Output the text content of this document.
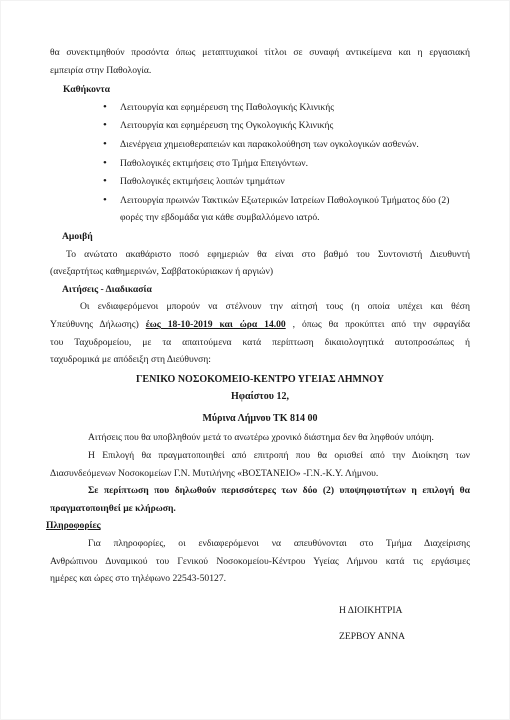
θα συνεκτιμηθούν προσόντα όπως μεταπτυχιακοί τίτλοι σε συναφή αντικείμενα και η εργασιακή

εμπειρία στην Παθολογία.

Καθήκοντα

• Λειτουργία και εφημέρευση της Παθολογικής Κλινικής
• Λειτουργία και εφημέρευση της Ογκολογικής Κλινικής
• Διενέργεια χημειοθεραπειών και παρακολούθηση των ογκολογικών ασθενών.
• Παθολογικές εκτιμήσεις στο Τμήμα Επειγόντων.
• Παθολογικές εκτιμήσεις λοιπών τμημάτων
• Λειτουργία πρωινών Τακτικών Εξωτερικών Ιατρείων Παθολογικού Τμήματος δύο (2)
φορές την εβδομάδα για κάθε συμβαλλόμενο ιατρό.

Αμοιβή

Το ανώτατο ακαθάριστο ποσό εφημεριών θα είναι στο βαθμό του Συντονιστή Διευθυντή

(ανεξαρτήτως καθημερινών, Σαββατοκύριακων ή αργιών)

Αιτήσεις - Διαδικασία

Οι ενδιαφερόμενοι μπορούν να στέλνουν την αίτησή τους (η οποία υπέχει και θέση

Υπεύθυνης Δήλωσης) έως 18-10-2019 και ώρα 14.00 , όπως θα προκύπτει από την σφραγίδα

του Ταχυδρομείου, με τα απαιτούμενα κατά περίπτωση δικαιολογητικά αυτοπροσώπως ή

ταχυδρομικά με απόδειξη στη Διεύθυνση:

ΓΕΝΙΚΟ ΝΟΣΟΚΟΜΕΙΟ-ΚΕΝΤΡΟ ΥΓΕΙΑΣ ΛΗΜΝΟΥ

Ηφαίστου 12,

Μύρινα Λήμνου ΤΚ 814 00

Αιτήσεις που θα υποβληθούν μετά το ανωτέρω χρονικό διάστημα δεν θα ληφθούν υπόψη.

Η Επιλογή θα πραγματοποιηθεί από επιτροπή που θα ορισθεί από την Διοίκηση των

Διασυνδεόμενων Νοσοκομείων Γ.Ν. Μυτιλήνης «ΒΟΣΤΑΝΕΙΟ» -Γ.Ν.-Κ.Υ. Λήμνου.

Σε περίπτωση που δηλωθούν περισσότερες των δύο (2) υποψηφιοτήτων η επιλογή θα

πραγματοποιηθεί με κλήρωση.

Πληροφορίες

Για πληροφορίες, οι ενδιαφερόμενοι να απευθύνονται στο Τμήμα Διαχείρισης

Ανθρώπινου Δυναμικού του Γενικού Νοσοκομείου-Κέντρου Υγείας Λήμνου κατά τις εργάσιμες

ημέρες και ώρες στο τηλέφωνο 22543-50127.

Η ΔΙΟΙΚΗΤΡΙΑ

ΖΕΡΒΟΥ ΑΝΝΑ
